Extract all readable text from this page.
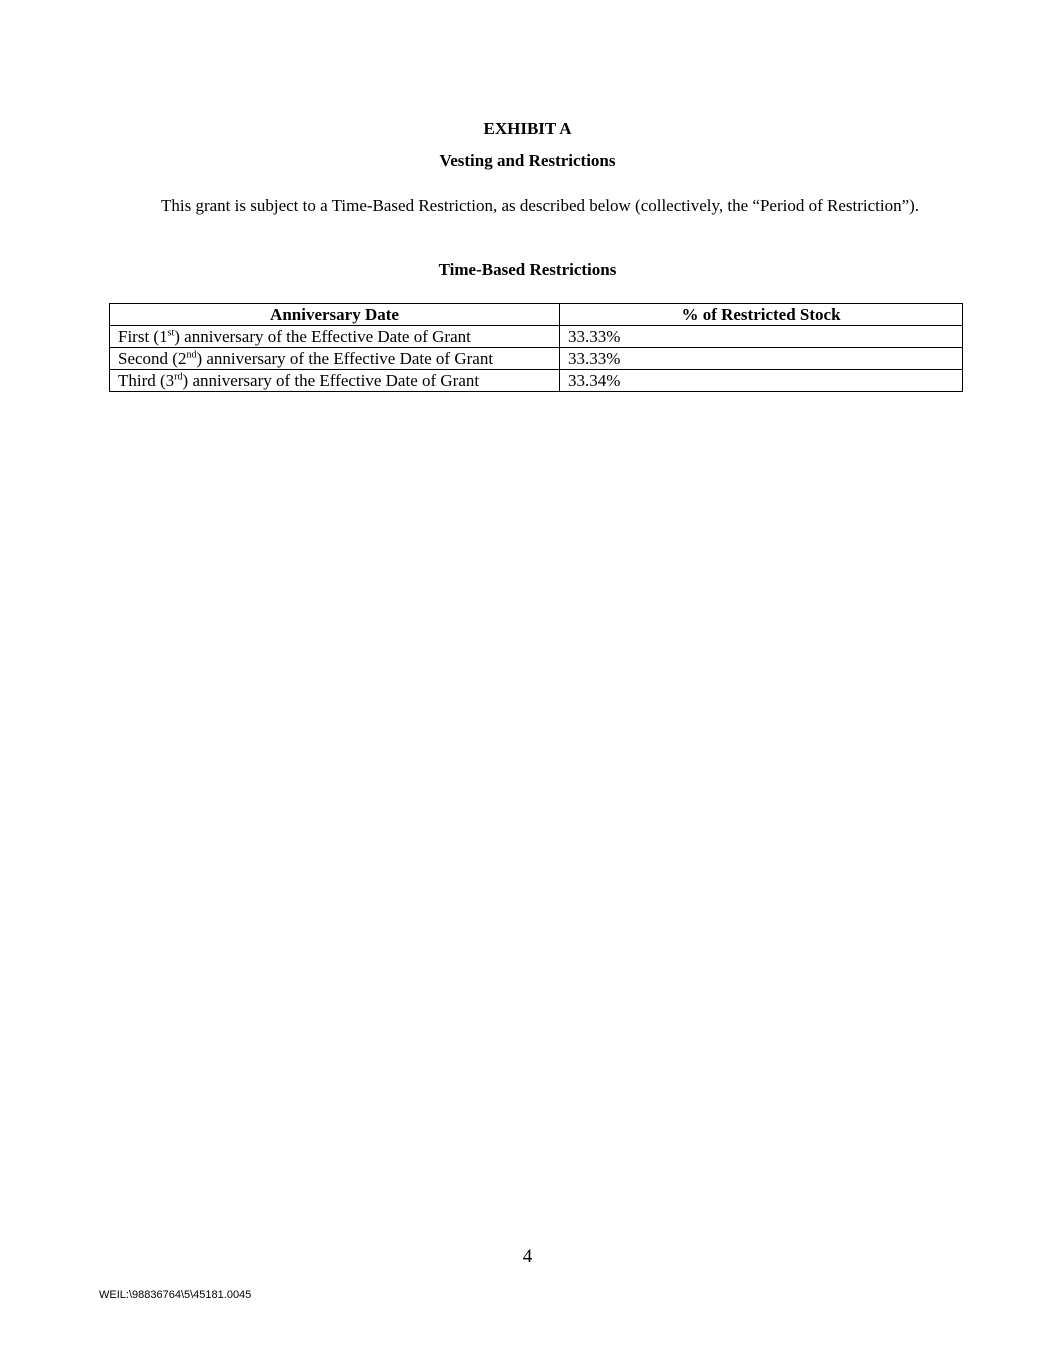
EXHIBIT A
Vesting and Restrictions

This grant is subject to a Time-Based Restriction, as described below (collectively, the “Period of Restriction”).

Time-Based Restrictions
Anniversary Date	% of Restricted Stock
First (1st) anniversary of the Effective Date of Grant	33.33%
Second (2nd) anniversary of the Effective Date of Grant	33.33%
Third (3rd) anniversary of the Effective Date of Grant	33.34%
4
WEIL:\98836764\5\45181.0045
